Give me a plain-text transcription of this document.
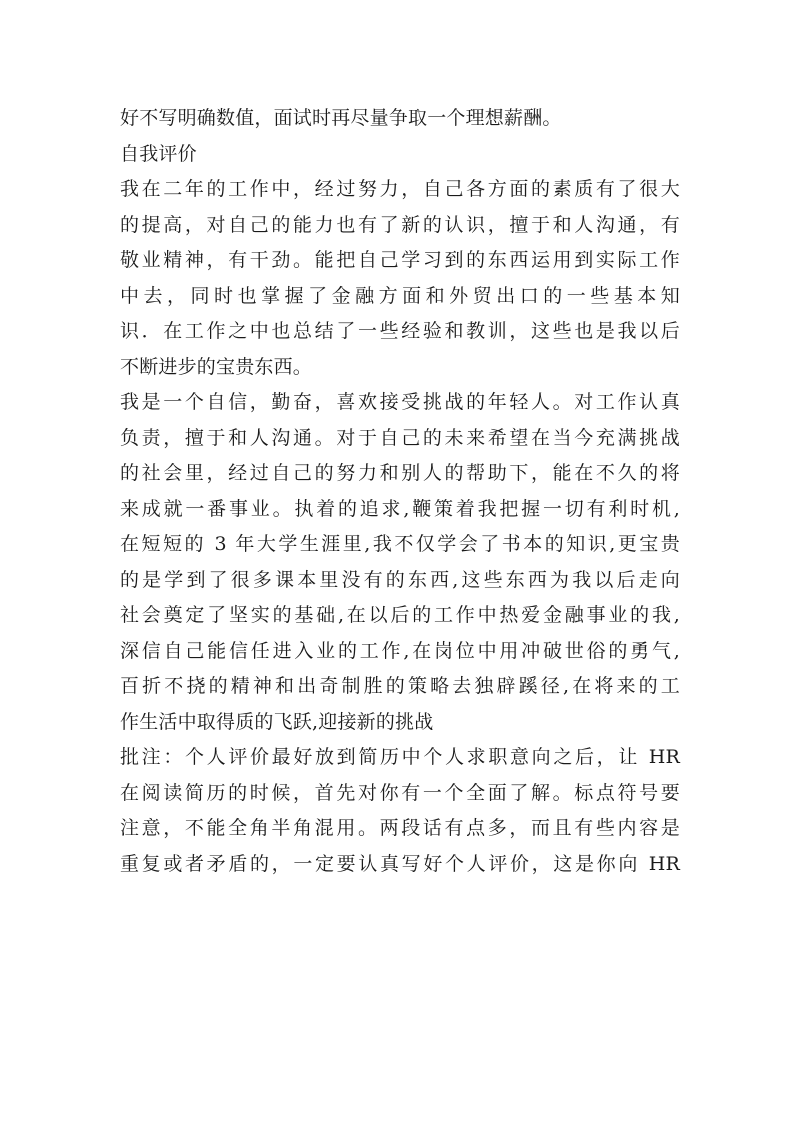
好不写明确数值，面试时再尽量争取一个理想薪酬。
自我评价
我在二年的工作中，经过努力，自己各方面的素质有了很大
的提高，对自己的能力也有了新的认识，擅于和人沟通，有
敬业精神，有干劲。能把自己学习到的东西运用到实际工作
中去，同时也掌握了金融方面和外贸出口的一些基本知
识．在工作之中也总结了一些经验和教训，这些也是我以后
不断进步的宝贵东西。
我是一个自信，勤奋，喜欢接受挑战的年轻人。对工作认真
负责，擅于和人沟通。对于自己的未来希望在当今充满挑战
的社会里，经过自己的努力和别人的帮助下，能在不久的将
来成就一番事业。执着的追求,鞭策着我把握一切有利时机,
在短短的 3 年大学生涯里,我不仅学会了书本的知识,更宝贵
的是学到了很多课本里没有的东西,这些东西为我以后走向
社会奠定了坚实的基础,在以后的工作中热爱金融事业的我,
深信自己能信任进入业的工作,在岗位中用冲破世俗的勇气,
百折不挠的精神和出奇制胜的策略去独辟蹊径,在将来的工
作生活中取得质的飞跃,迎接新的挑战
批注：个人评价最好放到简历中个人求职意向之后，让 HR
在阅读简历的时候，首先对你有一个全面了解。标点符号要
注意，不能全角半角混用。两段话有点多，而且有些内容是
重复或者矛盾的，一定要认真写好个人评价，这是你向 HR
